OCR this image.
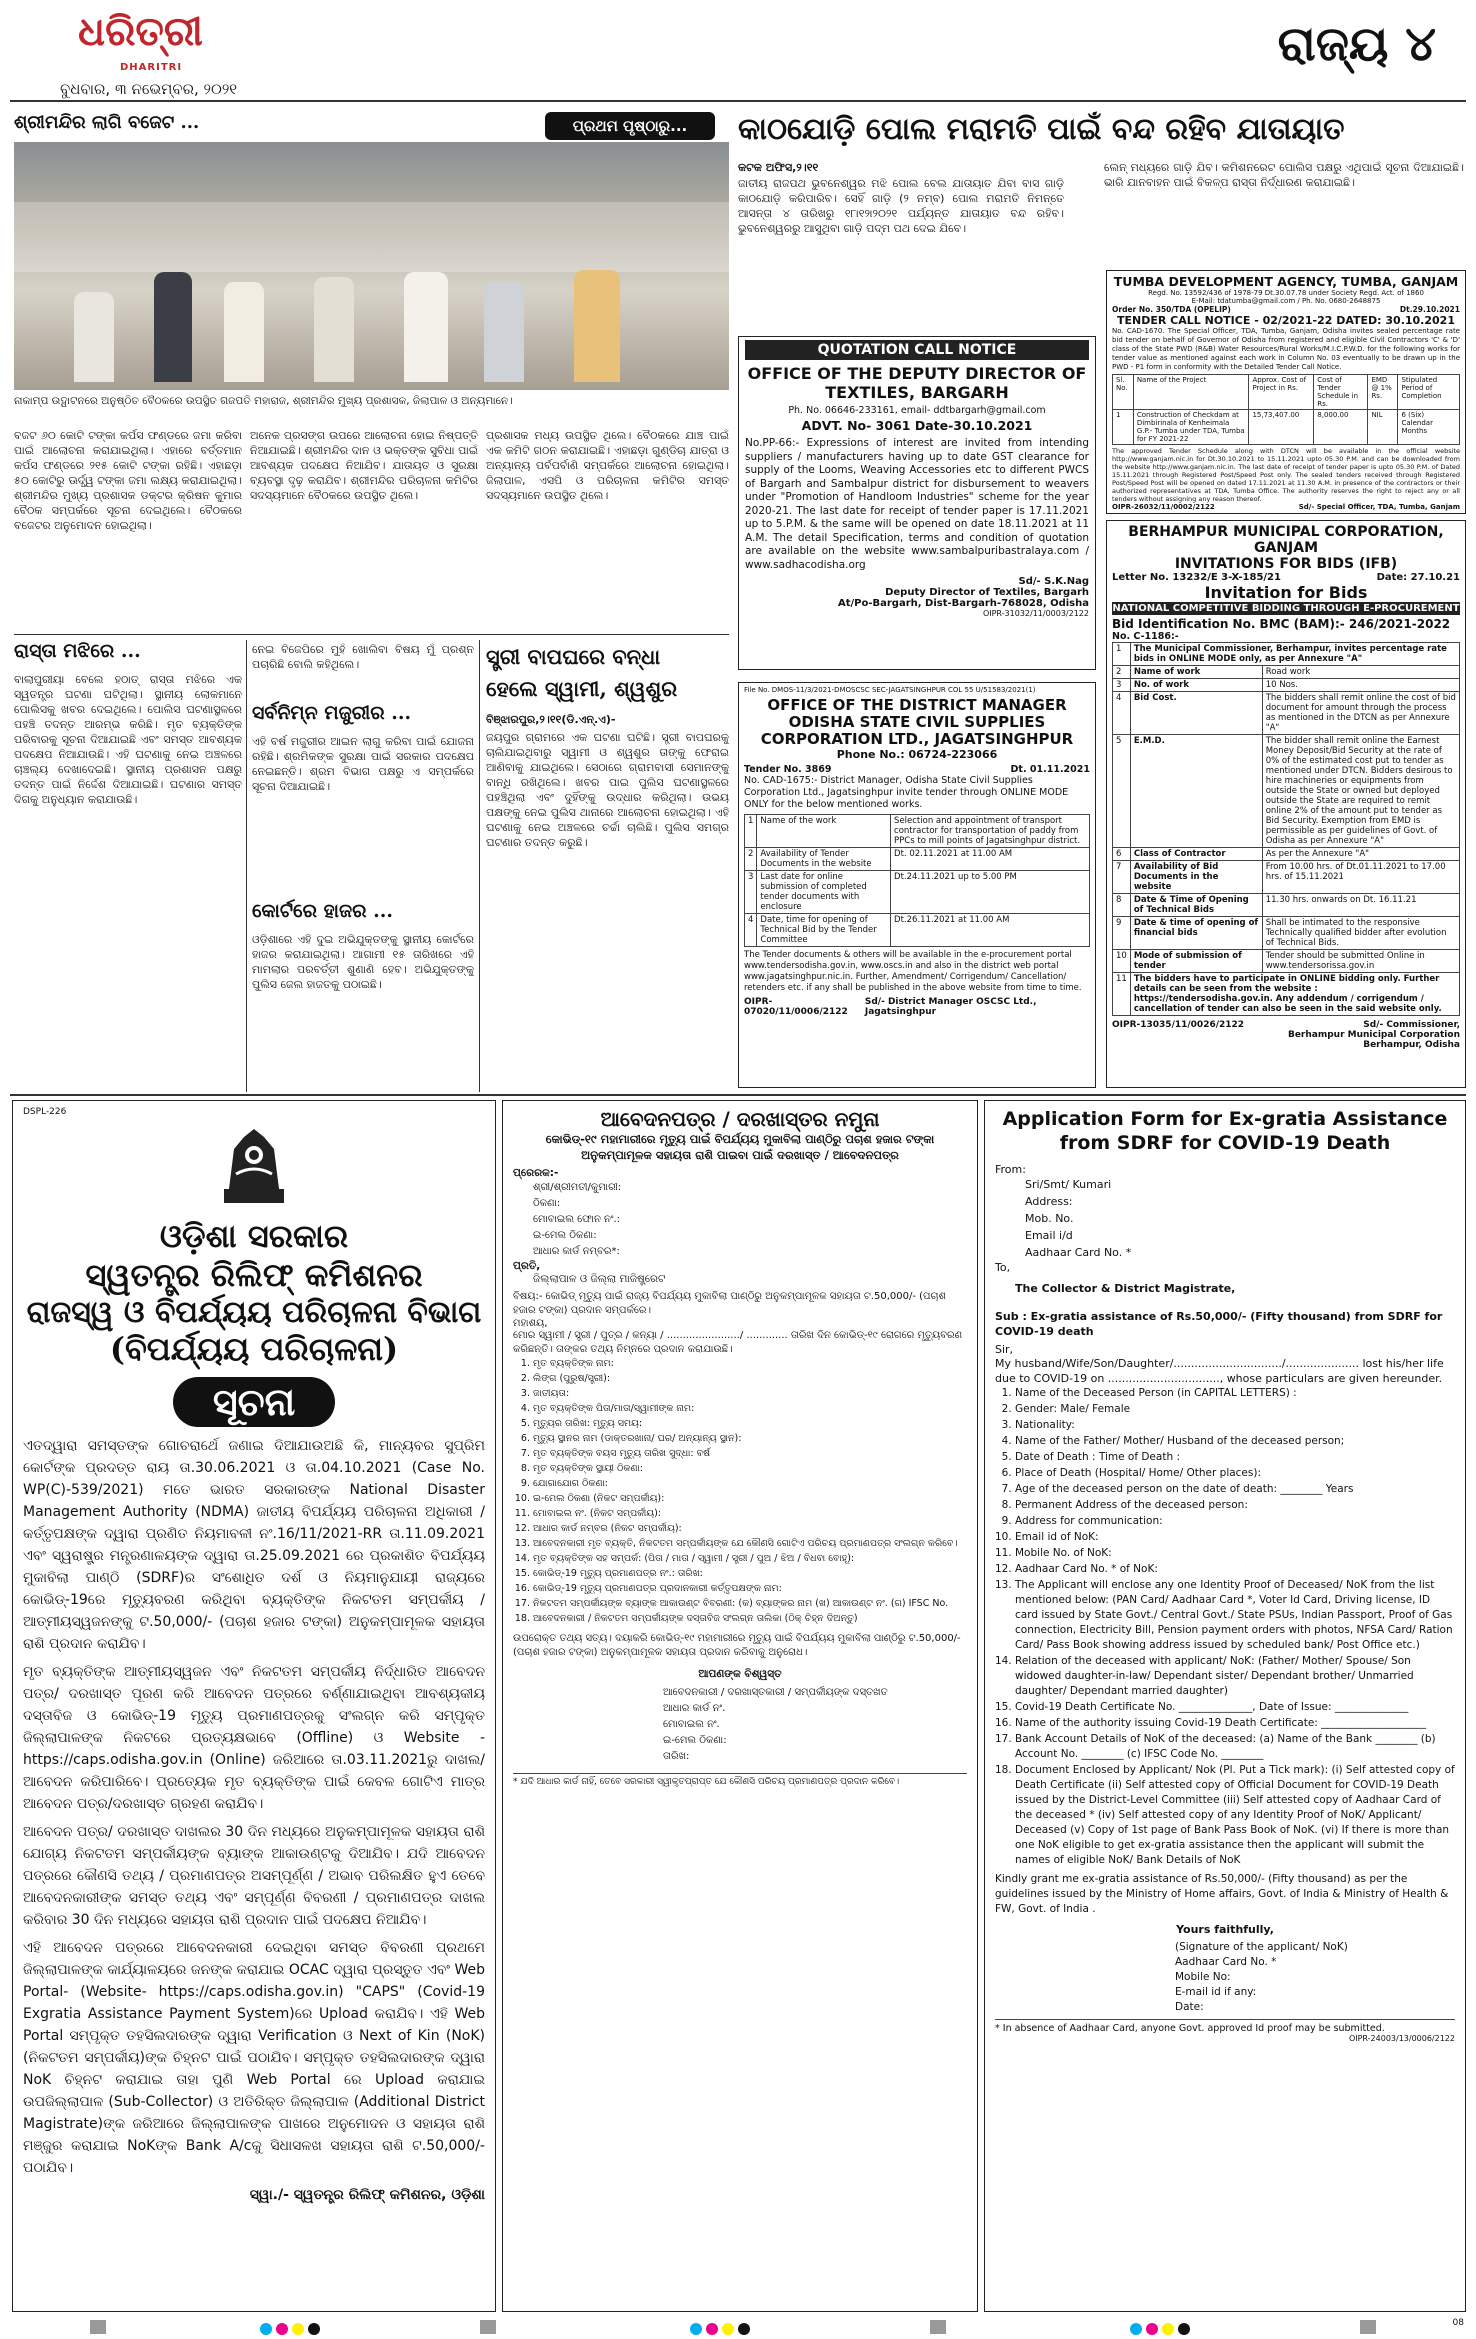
ଧରିତ୍ରୀ
DHARITRI
ବୁଧବାର, ୩ ନଭେମ୍ବର, ୨୦୨୧
ରାଜ୍ୟ ୪
ଶ୍ରୀମନ୍ଦିର ଲାଗି ବଜେଟ ...	ପ୍ରଥମ ପୃଷ୍ଠାରୁ...
ନାକାମ୍ପ ଉଦ୍ଘାଟନରେ ଅନୁଷ୍ଠିତ ବୈଠକରେ ଉପସ୍ଥିତ ଗଜପତି ମହାରାଜ, ଶ୍ରୀମନ୍ଦିର ମୁଖ୍ୟ ପ୍ରଶାସକ, ଜିଲାପାଳ ଓ ଅନ୍ୟମାନେ।
ବଜଟ ୬୦ କୋଟି ଟଙ୍କା କର୍ପସ ଫଣ୍ଡରେ ଜମା କରିବା ପାଇଁ ଆଲୋଚନା କରାଯାଇଥିଲା। ଏହାରେ ବର୍ତ୍ତମାନ କର୍ପସ ଫଣ୍ଡରେ ୨୧୫ କୋଟି ଟଙ୍କା ରହିଛି। ଏହାଛଡ଼ା ୫୦ କୋଟିରୁ ଊର୍ଦ୍ଧ୍ୱ ଟଙ୍କା ଜମା ଲକ୍ଷ୍ୟ କରାଯାଇଥିଲା। ଶ୍ରୀମନ୍ଦିର ମୁଖ୍ୟ ପ୍ରଶାସକ ଡକ୍ଟର କ୍ରିଷନ କୁମାର ବୈଠକ ସମ୍ପର୍କରେ ସୂଚନା ଦେଇଥିଲେ। ବୈଠକରେ ବଜେଟର ଅନୁମୋଦନ ହୋଇଥିଲା।
ଅନେକ ପ୍ରସଙ୍ଗ ଉପରେ ଆଲୋଚନା ହୋଇ ନିଷ୍ପତ୍ତି ନିଆଯାଇଛି। ଶ୍ରୀମନ୍ଦିର ଦାନ ଓ ଭକ୍ତଙ୍କ ସୁବିଧା ପାଇଁ ଆବଶ୍ୟକ ପଦକ୍ଷେପ ନିଆଯିବ। ଯାତାୟତ ଓ ସୁରକ୍ଷା ବ୍ୟବସ୍ଥା ଦୃଢ଼ କରାଯିବ। ଶ୍ରୀମନ୍ଦିର ପରିଚାଳନା କମିଟିର ସଦସ୍ୟମାନେ ବୈଠକରେ ଉପସ୍ଥିତ ଥିଲେ।
ପ୍ରଶାସକ ମଧ୍ୟ ଉପସ୍ଥିତ ଥିଲେ। ବୈଠକରେ ଯାଞ୍ଚ ପାଇଁ ଏକ କମିଟି ଗଠନ କରାଯାଇଛି। ଏହାଛଡ଼ା ଗୁଣ୍ଡିଚା ଯାତ୍ରା ଓ ଅନ୍ୟାନ୍ୟ ପର୍ବପର୍ବାଣି ସମ୍ପର୍କରେ ଆଲୋଚନା ହୋଇଥିଲା। ଜିଲାପାଳ, ଏସପି ଓ ପରିଚାଳନା କମିଟିର ସମସ୍ତ ସଦସ୍ୟମାନେ ଉପସ୍ଥିତ ଥିଲେ।
ରାସ୍ତା ମଝିରେ ...
ବାଲାପୁରୀୟା ବେଲେ ହଠାତ୍ ରାସ୍ତା ମଝିରେ ଏକ ସ୍ୱତନ୍ତ୍ର ଘଟଣା ଘଟିଥିଲା। ସ୍ଥାନୀୟ ଲୋକମାନେ ପୋଲିସକୁ ଖବର ଦେଇଥିଲେ। ପୋଲିସ ଘଟଣାସ୍ଥଳରେ ପହଞ୍ଚି ତଦନ୍ତ ଆରମ୍ଭ କରିଛି। ମୃତ ବ୍ୟକ୍ତିଙ୍କ ପରିବାରକୁ ସୂଚନା ଦିଆଯାଇଛି ଏବଂ ସମସ୍ତ ଆବଶ୍ୟକ ପଦକ୍ଷେପ ନିଆଯାଉଛି। ଏହି ଘଟଣାକୁ ନେଇ ଅଞ୍ଚଳରେ ଚାଞ୍ଚଲ୍ୟ ଦେଖାଦେଇଛି। ସ୍ଥାନୀୟ ପ୍ରଶାସନ ପକ୍ଷରୁ ତଦନ୍ତ ପାଇଁ ନିର୍ଦ୍ଦେଶ ଦିଆଯାଇଛି। ଘଟଣାର ସମସ୍ତ ଦିଗକୁ ଅନୁଧ୍ୟାନ କରାଯାଉଛି।
ନେଇ ବିଜେପିରେ ମୁହଁ ଖୋଲିବା ବିଷୟ ମୁଁ ପ୍ରଶ୍ନ ପଚାରିଛି ବୋଲି କହିଥିଲେ।
ସର୍ବନିମ୍ନ ମଜୁରୀର ...
ଏହି ବର୍ଷ ମଜୁରୀର ଆଇନ ଲାଗୁ କରିବା ପାଇଁ ଯୋଜନା ରହିଛି। ଶ୍ରମିକଙ୍କ ସୁରକ୍ଷା ପାଇଁ ସରକାର ପଦକ୍ଷେପ ନେଇଛନ୍ତି। ଶ୍ରମ ବିଭାଗ ପକ୍ଷରୁ ଏ ସମ୍ପର୍କରେ ସୂଚନା ଦିଆଯାଇଛି।
କୋର୍ଟରେ ହାଜର ...
ଓଡ଼ିଶାରେ ଏହି ଦୁଇ ଅଭିଯୁକ୍ତଙ୍କୁ ସ୍ଥାନୀୟ କୋର୍ଟରେ ହାଜର କରାଯାଇଥିଲା। ଆଗାମୀ ୧୫ ତାରିଖରେ ଏହି ମାମଲାର ପରବର୍ତ୍ତୀ ଶୁଣାଣି ହେବ। ଅଭିଯୁକ୍ତଙ୍କୁ ପୁଲିସ ଜେଲ ହାଜତକୁ ପଠାଇଛି।
ସ୍ତ୍ରୀ ବାପଘରେ ବନ୍ଧା
ହେଲେ ସ୍ୱାମୀ, ଶ୍ୱଶୁର
ବିଞ୍ଝାରପୁର,୨।୧୧(ଡି.ଏନ୍.ଏ)-
ଜୟପୁର ଗ୍ରାମରେ ଏକ ଘଟଣା ଘଟିଛି। ସ୍ତ୍ରୀ ବାପଘରକୁ ଚାଲିଯାଇଥିବାରୁ ସ୍ୱାମୀ ଓ ଶ୍ୱଶୁର ତାଙ୍କୁ ଫେରାଇ ଆଣିବାକୁ ଯାଇଥିଲେ। ସେଠାରେ ଗ୍ରାମବାସୀ ସେମାନଙ୍କୁ ବାନ୍ଧି ରଖିଥିଲେ। ଖବର ପାଇ ପୁଲିସ ଘଟଣାସ୍ଥଳରେ ପହଞ୍ଚିଥିଲା ଏବଂ ଦୁହିଁଙ୍କୁ ଉଦ୍ଧାର କରିଥିଲା। ଉଭୟ ପକ୍ଷଙ୍କୁ ନେଇ ପୁଲିସ ଥାନାରେ ଆଲୋଚନା ହୋଇଥିଲା। ଏହି ଘଟଣାକୁ ନେଇ ଅଞ୍ଚଳରେ ଚର୍ଚ୍ଚା ଚାଲିଛି। ପୁଲିସ ସମଗ୍ର ଘଟଣାର ତଦନ୍ତ କରୁଛି।
କାଠଯୋଡ଼ି ପୋଲ ମରାମତି ପାଇଁ ବନ୍ଦ ରହିବ ଯାତାୟାତ
କଟକ ଅଫିସ,୨।୧୧
ଜାତୀୟ ରାଜପଥ ଭୁବନେଶ୍ୱର ମଝି ପୋଲ ବେଲ ଯାତାୟାତ ଯିବା ବାସ ଗାଡ଼ି କାଠଯୋଡ଼ି କରିପାରିବ। ସେହିଁ ଗାଡ଼ି (୨ ନମ୍ବ) ପୋଲ ମରାମତି ନିମନ୍ତେ ଆସନ୍ତା ୪ ତାରିଖରୁ ୧୮ା୧୨ା୨୦୨୧ ପର୍ଯ୍ୟନ୍ତ ଯାତାୟାତ ବନ୍ଦ ରହିବ। ଭୁବନେଶ୍ୱରରୁ ଆସୁଥିବା ଗାଡ଼ି ପଦ୍ମ ପଥ ଦେଇ ଯିବେ।
ଲେନ୍ ମଧ୍ୟରେ ଗାଡ଼ି ଯିବ। କମିଶନରେଟ ପୋଲିସ ପକ୍ଷରୁ ଏଥିପାଇଁ ସୂଚନା ଦିଆଯାଇଛି। ଭାରି ଯାନବାହନ ପାଇଁ ବିକଳ୍ପ ରାସ୍ତା ନିର୍ଦ୍ଧାରଣ କରାଯାଇଛି।
QUOTATION CALL NOTICE
OFFICE OF THE DEPUTY DIRECTOR OF TEXTILES, BARGARH
Ph. No. 06646-233161, email- ddtbargarh@gmail.com
ADVT. No- 3061 Date-30.10.2021
No.PP-66:- Expressions of interest are invited from intending suppliers / manufacturers having up to date GST clearance for supply of the Looms, Weaving Accessories etc to different PWCS of Bargarh and Sambalpur district for disbursement to weavers under "Promotion of Handloom Industries" scheme for the year 2020-21. The last date for receipt of tender paper is 17.11.2021 up to 5.P.M. & the same will be opened on date 18.11.2021 at 11 A.M. The detail Specification, terms and condition of quotation are available on the website www.sambalpuribastralaya.com / www.sadhacodisha.org
Sd/- S.K.Nag
Deputy Director of Textiles, Bargarh
At/Po-Bargarh, Dist-Bargarh-768028, Odisha
OIPR-31032/11/0003/2122
File No. DMOS-11/3/2021-DMOSCSC SEC-JAGATSINGHPUR COL 55 U/51583/2021(1)
OFFICE OF THE DISTRICT MANAGER ODISHA STATE CIVIL SUPPLIES CORPORATION LTD., JAGATSINGHPUR
Phone No.: 06724-223066
Tender No. 3869	Dt. 01.11.2021
No. CAD-1675:- District Manager, Odisha State Civil Supplies Corporation Ltd., Jagatsinghpur invite tender through ONLINE MODE ONLY for the below mentioned works.
1	Name of the work	Selection and appointment of transport contractor for transportation of paddy from PPCs to mill points of Jagatsinghpur district.
2	Availability of Tender Documents in the website	Dt. 02.11.2021 at 11.00 AM
3	Last date for online submission of completed tender documents with enclosure	Dt.24.11.2021 up to 5.00 PM
4	Date, time for opening of Technical Bid by the Tender Committee	Dt.26.11.2021 at 11.00 AM
The Tender documents & others will be available in the e-procurement portal www.tendersodisha.gov.in, www.oscs.in and also in the district web portal www.jagatsinghpur.nic.in. Further, Amendment/ Corrigendum/ Cancellation/ retenders etc. if any shall be published in the above website from time to time.
OIPR-07020/11/0006/2122
Sd/- District Manager OSCSC Ltd., Jagatsinghpur
TUMBA DEVELOPMENT AGENCY, TUMBA, GANJAM
Regd. No. 13592/436 of 1978-79 Dt.30.07.78 under Society Regd. Act. of 1860
E-Mail: tdatumba@gmail.com / Ph. No. 0680-2648875
Order No. 350/TDA (OPELIP)	Dt.29.10.2021
TENDER CALL NOTICE - 02/2021-22 DATED: 30.10.2021
No. CAD-1670. The Special Officer, TDA, Tumba, Ganjam, Odisha invites sealed percentage rate bid tender on behalf of Governor of Odisha from registered and eligible Civil Contractors 'C' & 'D' class of the State PWD (R&B) Water Resources/Rural Works/M.I.C.P.W.D. for the following works for tender value as mentioned against each work in Column No. 03 eventually to be drawn up in the PWD - P1 form in conformity with the Detailed Tender Call Notice.
Sl. No.	Name of the Project	Approx. Cost of Project in Rs.	Cost of Tender Schedule in Rs.	EMD @ 1% Rs.	Stipulated Period of Completion
1	Construction of Checkdam at Dimbirinala of Kenheimala G.P.- Tumba under TDA, Tumba for FY 2021-22	15,73,407.00	8,000.00	NIL	6 (Six) Calendar Months
The approved Tender Schedule along with DTCN will be available in the official website http://www.ganjam.nic.in for Dt.30.10.2021 to 15.11.2021 upto 05.30 P.M. and can be downloaded from the website http://www.ganjam.nic.in. The last date of receipt of tender paper is upto 05.30 P.M. of Dated 15.11.2021 through Registered Post/Speed Post only. The sealed tenders received through Registered Post/Speed Post will be opened on dated 17.11.2021 at 11.30 A.M. in presence of the contractors or their authorized representatives at TDA, Tumba Office. The authority reserves the right to reject any or all tenders without assigning any reason thereof.
OIPR-26032/11/0002/2122	Sd/- Special Officer, TDA, Tumba, Ganjam
BERHAMPUR MUNICIPAL CORPORATION, GANJAM
INVITATIONS FOR BIDS (IFB)
Letter No. 13232/E 3-X-185/21	Date: 27.10.21
Invitation for Bids
NATIONAL COMPETITIVE BIDDING THROUGH E-PROCUREMENT
Bid Identification No. BMC (BAM):- 246/2021-2022
No. C-1186:-
1	The Municipal Commissioner, Berhampur, invites percentage rate bids in ONLINE MODE only, as per Annexure "A"	
2	Name of work	Road work
3	No. of work	10 Nos.
4	Bid Cost.	The bidders shall remit online the cost of bid document for amount through the process as mentioned in the DTCN as per Annexure "A"
5	E.M.D.	The bidder shall remit online the Earnest Money Deposit/Bid Security at the rate of 0% of the estimated cost put to tender as mentioned under DTCN. Bidders desirous to hire machineries or equipments from outside the State or owned but deployed outside the State are required to remit online 2% of the amount put to tender as Bid Security. Exemption from EMD is permissible as per guidelines of Govt. of Odisha as per Annexure "A"
6	Class of Contractor	As per the Annexure "A"
7	Availability of Bid Documents in the website	From 10.00 hrs. of Dt.01.11.2021 to 17.00 hrs. of 15.11.2021
8	Date & Time of Opening of Technical Bids	11.30 hrs. onwards on Dt. 16.11.21
9	Date & time of opening of financial bids	Shall be intimated to the responsive Technically qualified bidder after evolution of Technical Bids.
10	Mode of submission of tender	Tender should be submitted Online in www.tendersorissa.gov.in
11	The bidders have to participate in ONLINE bidding only. Further details can be seen from the website : https://tendersodisha.gov.in. Any addendum / corrigendum / cancellation of tender can also be seen in the said website only.	
OIPR-13035/11/0026/2122	Sd/- Commissioner,
Berhampur Municipal Corporation
Berhampur, Odisha
DSPL-226
ଓଡ଼ିଶା ସରକାର
ସ୍ୱତନ୍ତ୍ର ରିଲିଫ୍ କମିଶନର
ରାଜସ୍ୱ ଓ ବିପର୍ଯ୍ୟୟ ପରିଚାଳନା ବିଭାଗ
(ବିପର୍ଯ୍ୟୟ ପରିଚାଳନା)
ସୂଚନା
ଏତଦ୍ୱାରା ସମସ୍ତଙ୍କ ଗୋଚରାର୍ଥେ ଜଣାଇ ଦିଆଯାଉଅଛି କି, ମାନ୍ୟବର ସୁପ୍ରିମ କୋର୍ଟଙ୍କ ପ୍ରଦତ୍ତ ରାୟ ତା.30.06.2021 ଓ ତା.04.10.2021 (Case No. WP(C)-539/2021) ମତେ ଭାରତ ସରକାରଙ୍କ National Disaster Management Authority (NDMA) ଜାତୀୟ ବିପର୍ଯ୍ୟୟ ପରିଚାଳନା ଅଧିକାରୀ / କର୍ତ୍ତୃପକ୍ଷଙ୍କ ଦ୍ୱାରା ପ୍ରଣିତ ନିୟମାବଳୀ ନଂ.16/11/2021-RR ତା.11.09.2021 ଏବଂ ସ୍ୱରାଷ୍ଟ୍ର ମନ୍ତ୍ରଣାଳୟଙ୍କ ଦ୍ୱାରା ତା.25.09.2021 ରେ ପ୍ରକାଶିତ ବିପର୍ଯ୍ୟୟ ମୁକାବିଲା ପାଣ୍ଠି (SDRF)ର ସଂଶୋଧିତ ଦର୍ଶ ଓ ନିୟମାନୁଯାୟୀ ରାଜ୍ୟରେ କୋଭିଡ୍-19ରେ ମୃତ୍ୟୁବରଣ କରିଥିବା ବ୍ୟକ୍ତିଙ୍କ ନିକଟତମ ସମ୍ପର୍କୀୟ / ଆତ୍ମୀୟସ୍ୱଜନଙ୍କୁ ଟ.50,000/- (ପଚାଶ ହଜାର ଟଙ୍କା) ଅନୁକମ୍ପାମୂଳକ ସହାୟତା ରାଶି ପ୍ରଦାନ କରାଯିବ।
ମୃତ ବ୍ୟକ୍ତିଙ୍କ ଆତ୍ମୀୟସ୍ୱଜନ ଏବଂ ନିକଟତମ ସମ୍ପର୍କୀୟ ନିର୍ଦ୍ଧାରିତ ଆବେଦନ ପତ୍ର/ ଦରଖାସ୍ତ ପୂରଣ କରି ଆବେଦନ ପତ୍ରରେ ବର୍ଣ୍ଣାଯାଇଥିବା ଆବଶ୍ୟକୀୟ ଦସ୍ତାବିଜ ଓ କୋଭିଡ୍-19 ମୃତ୍ୟୁ ପ୍ରମାଣପତ୍ରକୁ ସଂଲଗ୍ନ କରି ସମ୍ପୃକ୍ତ ଜିଲ୍ଲାପାଳଙ୍କ ନିକଟରେ ପ୍ରତ୍ୟକ୍ଷଭାବେ (Offline) ଓ Website - https://caps.odisha.gov.in (Online) ଜରିଆରେ ତା.03.11.2021ରୁ ଦାଖଲ/ଆବେଦନ କରିପାରିବେ। ପ୍ରତ୍ୟେକ ମୃତ ବ୍ୟକ୍ତିଙ୍କ ପାଇଁ କେବଳ ଗୋଟିଏ ମାତ୍ର ଆବେଦନ ପତ୍ର/ଦରଖାସ୍ତ ଗ୍ରହଣ କରାଯିବ।
ଆବେଦନ ପତ୍ର/ ଦରଖାସ୍ତ ଦାଖଲର 30 ଦିନ ମଧ୍ୟରେ ଅନୁକମ୍ପାମୂଳକ ସହାୟତା ରାଶି ଯୋଗ୍ୟ ନିକଟତମ ସମ୍ପର୍କୀୟଙ୍କ ବ୍ୟାଙ୍କ ଆକାଉଣ୍ଟକୁ ଦିଆଯିବ। ଯଦି ଆବେଦନ ପତ୍ରରେ କୌଣସି ତଥ୍ୟ / ପ୍ରମାଣପତ୍ର ଅସମ୍ପୂର୍ଣ୍ଣ / ଅଭାବ ପରିଲକ୍ଷିତ ହୁଏ ତେବେ ଆବେଦନକାରୀଙ୍କ ସମସ୍ତ ତଥ୍ୟ ଏବଂ ସମ୍ପୂର୍ଣ୍ଣ ବିବରଣୀ / ପ୍ରମାଣପତ୍ର ଦାଖଲ କରିବାର 30 ଦିନ ମଧ୍ୟରେ ସହାୟତା ରାଶି ପ୍ରଦାନ ପାଇଁ ପଦକ୍ଷେପ ନିଆଯିବ।
ଏହି ଆବେଦନ ପତ୍ରରେ ଆବେଦନକାରୀ ଦେଇଥିବା ସମସ୍ତ ବିବରଣୀ ପ୍ରଥମେ ଜିଲ୍ଲାପାଳଙ୍କ କାର୍ଯ୍ୟାଳୟରେ ଜନଙ୍କ କରାଯାଇ OCAC ଦ୍ୱାରା ପ୍ରସ୍ତୁତ ଏବଂ Web Portal- (Website- https://caps.odisha.gov.in) "CAPS" (Covid-19 Exgratia Assistance Payment System)ରେ Upload କରାଯିବ। ଏହି Web Portal ସମ୍ପୃକ୍ତ ତହସିଲଦାରଙ୍କ ଦ୍ୱାରା Verification ଓ Next of Kin (NoK) (ନିକଟତମ ସମ୍ପର୍କୀୟ)ଙ୍କ ଚିହ୍ନଟ ପାଇଁ ପଠାଯିବ। ସମ୍ପୃକ୍ତ ତହସିଲଦାରଙ୍କ ଦ୍ୱାରା NoK ଚିହ୍ନଟ କରାଯାଇ ତାହା ପୁଣି Web Portal ରେ Upload କରାଯାଇ ଉପଜିଲ୍ଲାପାଳ (Sub-Collector) ଓ ଅତିରିକ୍ତ ଜିଲ୍ଲାପାଳ (Additional District Magistrate)ଙ୍କ ଜରିଆରେ ଜିଲ୍ଲାପାଳଙ୍କ ପାଖରେ ଅନୁମୋଦନ ଓ ସହାୟତା ରାଶି ମଞ୍ଜୁର କରାଯାଇ NoKଙ୍କ Bank A/cକୁ ସିଧାସଳଖ ସହାୟତା ରାଶି ଟ.50,000/- ପଠାଯିବ।
ସ୍ୱା./- ସ୍ୱତନ୍ତ୍ର ରିଲିଫ୍ କମିଶନର, ଓଡ଼ିଶା
ଆବେଦନପତ୍ର / ଦରଖାସ୍ତର ନମୁନା
କୋଭିଡ୍-୧୯ ମହାମାରୀରେ ମୃତ୍ୟୁ ପାଇଁ ବିପର୍ଯ୍ୟୟ ମୁକାବିଲା ପାଣ୍ଠିରୁ ପଚାଶ ହଜାର ଟଙ୍କା ଅନୁକମ୍ପାମୂଳକ ସହାୟତା ରାଶି ପାଇବା ପାଇଁ ଦରଖାସ୍ତ / ଆବେଦନପତ୍ର
ପ୍ରେରକ:-
ଶ୍ରୀ/ଶ୍ରୀମତୀ/କୁମାରୀ:
ଠିକଣା:
ମୋବାଇଲ ଫୋନ ନଂ.:
ଇ-ମେଲ ଠିକଣା:
ଆଧାର କାର୍ଡ ନମ୍ବର*:
ପ୍ରତି,
ଜିଲ୍ଲାପାଳ ଓ ଜିଲ୍ଲା ମାଜିଷ୍ଟ୍ରେଟ
ବିଷୟ:- କୋଭିଡ୍ ମୃତ୍ୟୁ ପାଇଁ ରାଜ୍ୟ ବିପର୍ଯ୍ୟୟ ମୁକାବିଲା ପାଣ୍ଠିରୁ ଅନୁକମ୍ପାମୂଳକ ସହାୟତା ଟ.50,000/- (ପଚାଶ ହଜାର ଟଙ୍କା) ପ୍ରଦାନ ସମ୍ପର୍କରେ।
ମହାଶୟ,
ମୋର ସ୍ୱାମୀ / ସ୍ତ୍ରୀ / ପୁତ୍ର / କନ୍ୟା / ......................./ ............. ତାରିଖ ଦିନ କୋଭିଡ୍-୧୯ ରୋଗରେ ମୃତ୍ୟୁବରଣ କରିଛନ୍ତି। ତାଙ୍କର ତଥ୍ୟ ନିମ୍ନରେ ପ୍ରଦାନ କରାଯାଉଛି।
1. ମୃତ ବ୍ୟକ୍ତିଙ୍କ ନାମ:
2. ଲିଙ୍ଗ (ପୁରୁଷ/ସ୍ତ୍ରୀ):
3. ଜାତୀୟତା:
4. ମୃତ ବ୍ୟକ୍ତିଙ୍କ ପିତା/ମାତା/ସ୍ୱାମୀଙ୍କ ନାମ:
5. ମୃତ୍ୟୁର ତାରିଖ: ମୃତ୍ୟୁ ସମୟ:
6. ମୃତ୍ୟୁ ସ୍ଥାନର ନାମ (ଡାକ୍ତରଖାନା/ ଘର/ ଅନ୍ୟାନ୍ୟ ସ୍ଥାନ):
7. ମୃତ ବ୍ୟକ୍ତିଙ୍କ ବୟସ ମୃତ୍ୟୁ ତାରିଖ ସୁଦ୍ଧା: ବର୍ଷ
8. ମୃତ ବ୍ୟକ୍ତିଙ୍କ ସ୍ଥାୟୀ ଠିକଣା:
9. ଯୋଗାଯୋଗ ଠିକଣା:
10. ଇ-ମେଲ ଠିକଣା (ନିକଟ ସମ୍ପର୍କୀୟ):
11. ମୋବାଇଲ ନଂ. (ନିକଟ ସମ୍ପର୍କୀୟ):
12. ଆଧାର କାର୍ଡ ନମ୍ବର (ନିକଟ ସମ୍ପର୍କୀୟ):
13. ଆବେଦନକାରୀ ମୃତ ବ୍ୟକ୍ତି, ନିକଟତମ ସମ୍ପର୍କୀୟଙ୍କ ଯେ କୌଣସି ଗୋଟିଏ ପରିଚୟ ପ୍ରମାଣପତ୍ର ସଂଲଗ୍ନ କରିବେ।
14. ମୃତ ବ୍ୟକ୍ତିଙ୍କ ସହ ସମ୍ପର୍କ: (ପିତା / ମାତା / ସ୍ୱାମୀ / ସ୍ତ୍ରୀ / ପୁଅ / ଝିଅ / ବିଧବା ବୋହୂ):
15. କୋଭିଡ୍-19 ମୃତ୍ୟୁ ପ୍ରମାଣପତ୍ର ନଂ.: ତାରିଖ:
16. କୋଭିଡ୍-19 ମୃତ୍ୟୁ ପ୍ରମାଣପତ୍ର ପ୍ରଦାନକାରୀ କର୍ତ୍ତୃପକ୍ଷଙ୍କ ନାମ:
17. ନିକଟତମ ସମ୍ପର୍କୀୟଙ୍କ ବ୍ୟାଙ୍କ ଆକାଉଣ୍ଟ ବିବରଣୀ: (କ) ବ୍ୟାଙ୍କର ନାମ (ଖ) ଆକାଉଣ୍ଟ ନଂ. (ଗ) IFSC No.
18. ଆବେଦନକାରୀ / ନିକଟତମ ସମ୍ପର୍କୀୟଙ୍କ ଦସ୍ତାବିଜ ସଂଲଗ୍ନ ତାଲିକା (ଠିକ୍ ଚିହ୍ନ ଦିଅନ୍ତୁ)
ଉପରୋକ୍ତ ତଥ୍ୟ ସତ୍ୟ। ଦୟାକରି କୋଭିଡ୍-୧୯ ମହାମାରୀରେ ମୃତ୍ୟୁ ପାଇଁ ବିପର୍ଯ୍ୟୟ ମୁକାବିଲା ପାଣ୍ଠିରୁ ଟ.50,000/- (ପଚାଶ ହଜାର ଟଙ୍କା) ଅନୁକମ୍ପାମୂଳକ ସହାୟତା ପ୍ରଦାନ କରିବାକୁ ଅନୁରୋଧ।
ଆପଣଙ୍କ ବିଶ୍ୱସ୍ତ
ଆବେଦନକାରୀ / ଦରଖାସ୍ତକାରୀ / ସମ୍ପର୍କୀୟଙ୍କ ଦସ୍ତଖତ
ଆଧାର କାର୍ଡ ନଂ.
ମୋବାଇଲ ନଂ.
ଇ-ମେଲ ଠିକଣା:
ତାରିଖ:
* ଯଦି ଆଧାର କାର୍ଡ ନାହିଁ, ତେବେ ସରକାରୀ ସ୍ୱୀକୃତପ୍ରାପ୍ତ ଯେ କୌଣସି ପରିଚୟ ପ୍ରମାଣପତ୍ର ପ୍ରଦାନ କରିବେ।
Application Form for Ex-gratia Assistance from SDRF for COVID-19 Death
From:
Sri/Smt/ Kumari
Address:
Mob. No.
Email i/d
Aadhaar Card No. *
To,
The Collector & District Magistrate,
Sub : Ex-gratia assistance of Rs.50,000/- (Fifty thousand) from SDRF for COVID-19 death
Sir,
My husband/Wife/Son/Daughter/.............................../..................... lost his/her life due to COVID-19 on ................................, whose particulars are given hereunder.
1. Name of the Deceased Person (in CAPITAL LETTERS) :
2. Gender: Male/ Female
3. Nationality:
4. Name of the Father/ Mother/ Husband of the deceased person;
5. Date of Death : Time of Death :
6. Place of Death (Hospital/ Home/ Other places):
7. Age of the deceased person on the date of death: ________ Years
8. Permanent Address of the deceased person:
9. Address for communication:
10. Email id of NoK:
11. Mobile No. of NoK:
12. Aadhaar Card No. * of NoK:
13. The Applicant will enclose any one Identity Proof of Deceased/ NoK from the list mentioned below: (PAN Card/ Aadhaar Card *, Voter Id Card, Driving license, ID card issued by State Govt./ Central Govt./ State PSUs, Indian Passport, Proof of Gas connection, Electricity Bill, Pension payment orders with photos, NFSA Card/ Ration Card/ Pass Book showing address issued by scheduled bank/ Post Office etc.)
14. Relation of the deceased with applicant/ NoK: (Father/ Mother/ Spouse/ Son widowed daughter-in-law/ Dependant sister/ Dependant brother/ Unmarried daughter/ Dependant married daughter)
15. Covid-19 Death Certificate No. ______________, Date of Issue: ______________
16. Name of the authority issuing Covid-19 Death Certificate: ____________________
17. Bank Account Details of NoK of the deceased: (a) Name of the Bank ________ (b) Account No. ________ (c) IFSC Code No. ________
18. Document Enclosed by Applicant/ Nok (Pl. Put a Tick mark): (i) Self attested copy of Death Certificate (ii) Self attested copy of Official Document for COVID-19 Death issued by the District-Level Committee (iii) Self attested copy of Aadhaar Card of the deceased * (iv) Self attested copy of any Identity Proof of NoK/ Applicant/ Deceased (v) Copy of 1st page of Bank Pass Book of NoK. (vi) If there is more than one NoK eligible to get ex-gratia assistance then the applicant will submit the names of eligible NoK/ Bank Details of NoK
Kindly grant me ex-gratia assistance of Rs.50,000/- (Fifty thousand) as per the guidelines issued by the Ministry of Home affairs, Govt. of India & Ministry of Health & FW, Govt. of India .
Yours faithfully,
(Signature of the applicant/ NoK)
Aadhaar Card No. *
Mobile No:
E-mail id if any:
Date:
* In absence of Aadhaar Card, anyone Govt. approved Id proof may be submitted.
OIPR-24003/13/0006/2122
08
